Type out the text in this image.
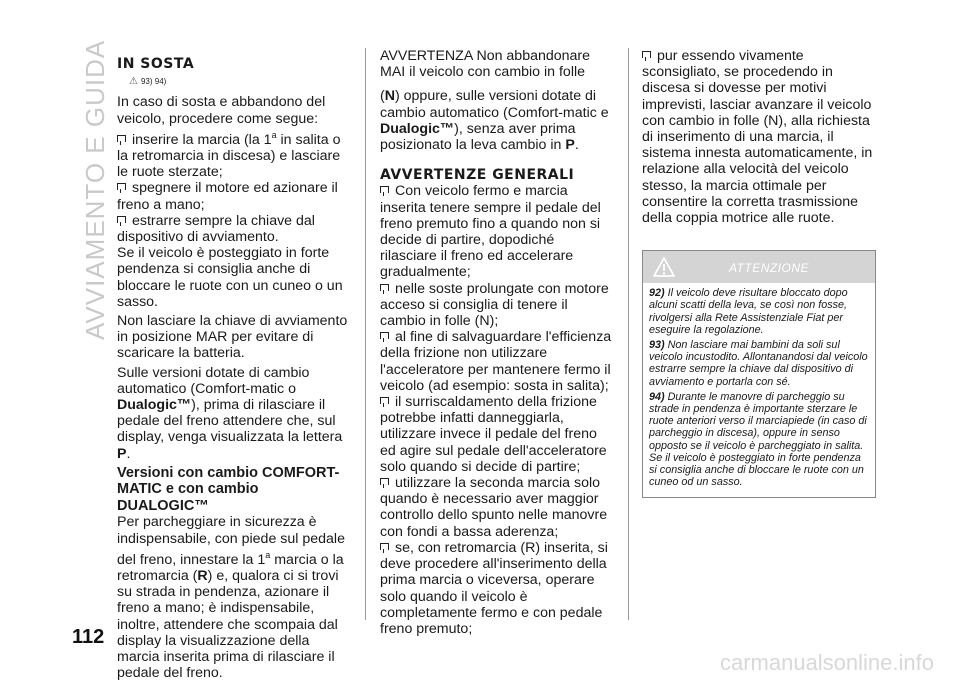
AVVIAMENTO E GUIDA IN SOSTA
⚠ 93) 94)

In caso di sosta e abbandono del veicolo, procedere come segue:

inserire la marcia (la 1$^a$ in salita o la retromarcia in discesa) e lasciare le ruote sterzate;

spegnere il motore ed azionare il freno a mano;

estrarre sempre la chiave dal dispositivo di avviamento.

Se il veicolo è posteggiato in forte pendenza si consiglia anche di bloccare le ruote con un cuneo o un sasso.

Non lasciare la chiave di avviamento in posizione MAR per evitare di scaricare la batteria.

Sulle versioni dotate di cambio automatico (Comfort-matic o Dualogic™), prima di rilasciare il pedale del freno attendere che, sul display, venga visualizzata la lettera P.

Versioni con cambio COMFORT-MATIC e con cambio DUALOGIC™

Per parcheggiare in sicurezza è indispensabile, con piede sul pedale del freno, innestare la 1$^a$ marcia o la retromarcia (R) e, qualora ci si trovi su strada in pendenza, azionare il freno a mano; è indispensabile, inoltre, attendere che scompaia dal display la visualizzazione della marcia inserita prima di rilasciare il pedale del freno.

AVVERTENZA Non abbandonare MAI il veicolo con cambio in folle

(N) oppure, sulle versioni dotate di cambio automatico (Comfort-matic e Dualogic™), senza aver prima posizionato la leva cambio in P.

AVVERTENZE GENERALI

Con veicolo fermo e marcia inserita tenere sempre il pedale del freno premuto fino a quando non si decide di partire, dopodiché rilasciare il freno ed accelerare gradualmente;

nelle soste prolungate con motore acceso si consiglia di tenere il cambio in folle (N);

al fine di salvaguardare l'efficienza della frizione non utilizzare l'acceleratore per mantenere fermo il veicolo (ad esempio: sosta in salita);

il surriscaldamento della frizione potrebbe infatti danneggiarla, utilizzare invece il pedale del freno ed agire sul pedale dell'acceleratore solo quando si decide di partire;

utilizzare la seconda marcia solo quando è necessario aver maggior controllo dello spunto nelle manovre con fondi a bassa aderenza;

se, con retromarcia (R) inserita, si deve procedere all'inserimento della prima marcia o viceversa, operare solo quando il veicolo è completamente fermo e con pedale freno premuto;

pur essendo vivamente sconsigliato, se procedendo in discesa si dovesse per motivi imprevisti, lasciar avanzare il veicolo con cambio in folle (N), alla richiesta di inserimento di una marcia, il sistema innesta automaticamente, in relazione alla velocità del veicolo stesso, la marcia ottimale per consentire la corretta trasmissione della coppia motrice alle ruote.

ATTENZIONE

92) Il veicolo deve risultare bloccato dopo alcuni scatti della leva, se così non fosse, rivolgersi alla Rete Assistenziale Fiat per eseguire la regolazione.

93) Non lasciare mai bambini da soli sul veicolo incustodito. Allontanandosi dal veicolo estrarre sempre la chiave dal dispositivo di avviamento e portarla con sé.

94) Durante le manovre di parcheggio su strade in pendenza è importante sterzare le ruote anteriori verso il marciapiede (in caso di parcheggio in discesa), oppure in senso opposto se il veicolo è parcheggiato in salita. Se il veicolo è posteggiato in forte pendenza si consiglia anche di bloccare le ruote con un cuneo od un sasso.

112
carmanualsonline.info
